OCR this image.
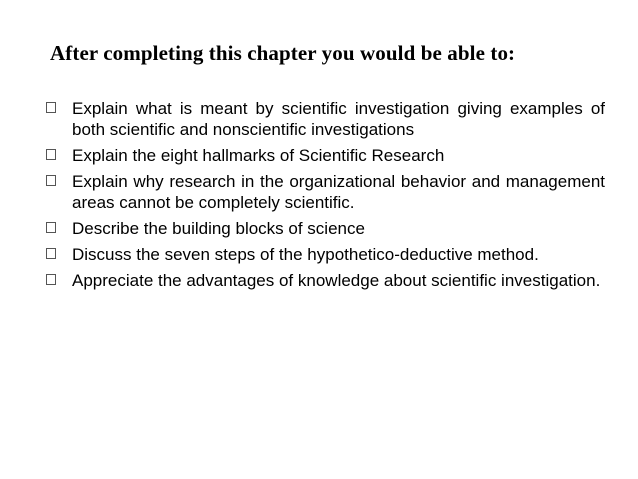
After completing this chapter you would be able to:
Explain what is meant by scientific investigation giving examples of both scientific and nonscientific investigations
Explain the eight hallmarks of Scientific Research
Explain why research in the organizational behavior and management areas cannot be completely scientific.
Describe the building blocks of science
Discuss the seven steps of the hypothetico-deductive method.
Appreciate the advantages of knowledge about scientific investigation.
